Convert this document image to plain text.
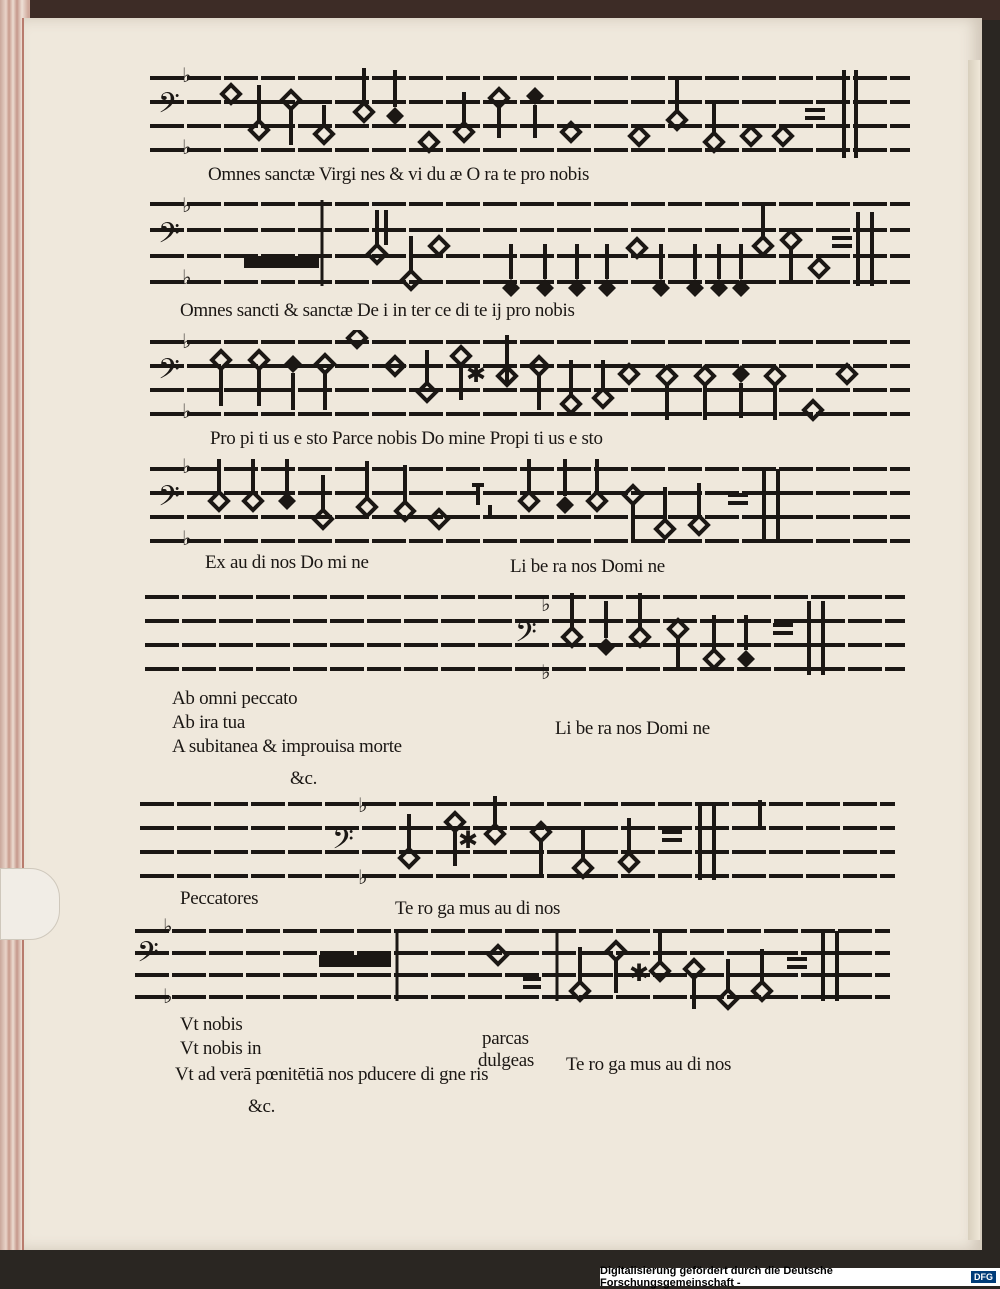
𝄢
♭
♭
Omnes sanctæ Virgi nes & vi du æ O ra te pro nobis
𝄢
♭
♭
Omnes sancti & sanctæ De i in ter ce di te ij pro nobis
𝄢
♭
♭
✱
Pro pi ti us e sto Parce nobis Do mine Propi ti us e sto
𝄢
♭
♭
Ex au di nos Do mi ne	Li be ra nos Domi ne
𝄢
♭
♭
Ab omni peccato
Ab ira tua
A subitanea & improuisa morte
&c.
Li be ra nos Domi ne
𝄢
♭
♭
✱
Peccatores	Te ro ga mus au di nos
𝄢
♭
♭
✱
Vt nobis
Vt nobis in
Vt ad verā pœnitētiā nos pducere di gne ris
parcas
dulgeas Te ro ga mus au di nos
&c.
Digitalisierung gefördert durch die Deutsche Forschungsgemeinschaft -	DFG
